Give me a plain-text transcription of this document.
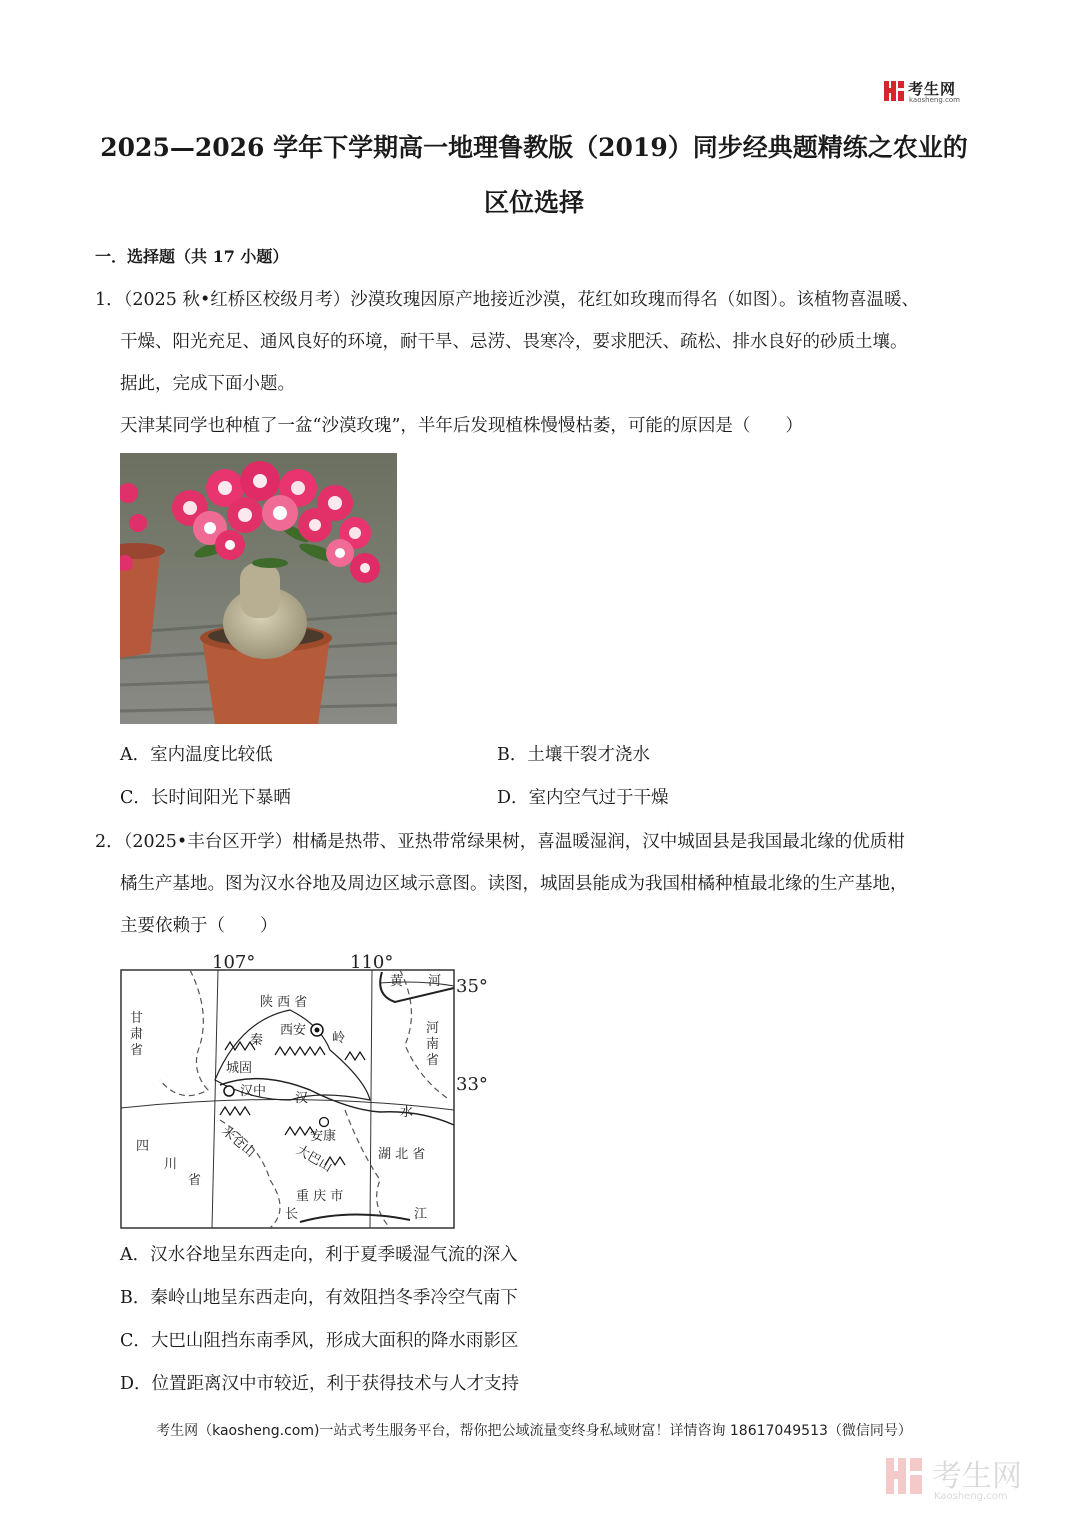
考生网
kaosheng.com
2025—2026 学年下学期高一地理鲁教版（2019）同步经典题精练之农业的
区位选择
一．选择题（共 17 小题）
1．（2025 秋•红桥区校级月考）沙漠玫瑰因原产地接近沙漠，花红如玫瑰而得名（如图）。该植物喜温暖、
干燥、阳光充足、通风良好的环境，耐干旱、忌涝、畏寒冷，要求肥沃、疏松、排水良好的砂质土壤。
据此，完成下面小题。
天津某同学也种植了一盆“沙漠玫瑰”，半年后发现植株慢慢枯萎，可能的原因是（　　）
A．室内温度比较低	B．土壤干裂才浇水
C．长时间阳光下暴晒	D．室内空气过于干燥
2．（2025•丰台区开学）柑橘是热带、亚热带常绿果树，喜温暖湿润，汉中城固县是我国最北缘的优质柑
橘生产基地。图为汉水谷地及周边区域示意图。读图，城固县能成为我国柑橘种植最北缘的生产基地，
主要依赖于（　　）
107°	110°
35°
33°
陕 西 省
甘
肃
省
河
南
省
四
川
省
湖 北 省
重 庆 市
西安
秦	岭
城固
汉中 汉
水
安康
米仓山	大巴山
黄 河
长	江
A．汉水谷地呈东西走向，利于夏季暖湿气流的深入
B．秦岭山地呈东西走向，有效阻挡冬季冷空气南下
C．大巴山阻挡东南季风，形成大面积的降水雨影区
D．位置距离汉中市较近，利于获得技术与人才支持
考生网（kaosheng.com)一站式考生服务平台，帮你把公域流量变终身私域财富！详情咨询 18617049513（微信同号）
考生网
Kaosheng.com
